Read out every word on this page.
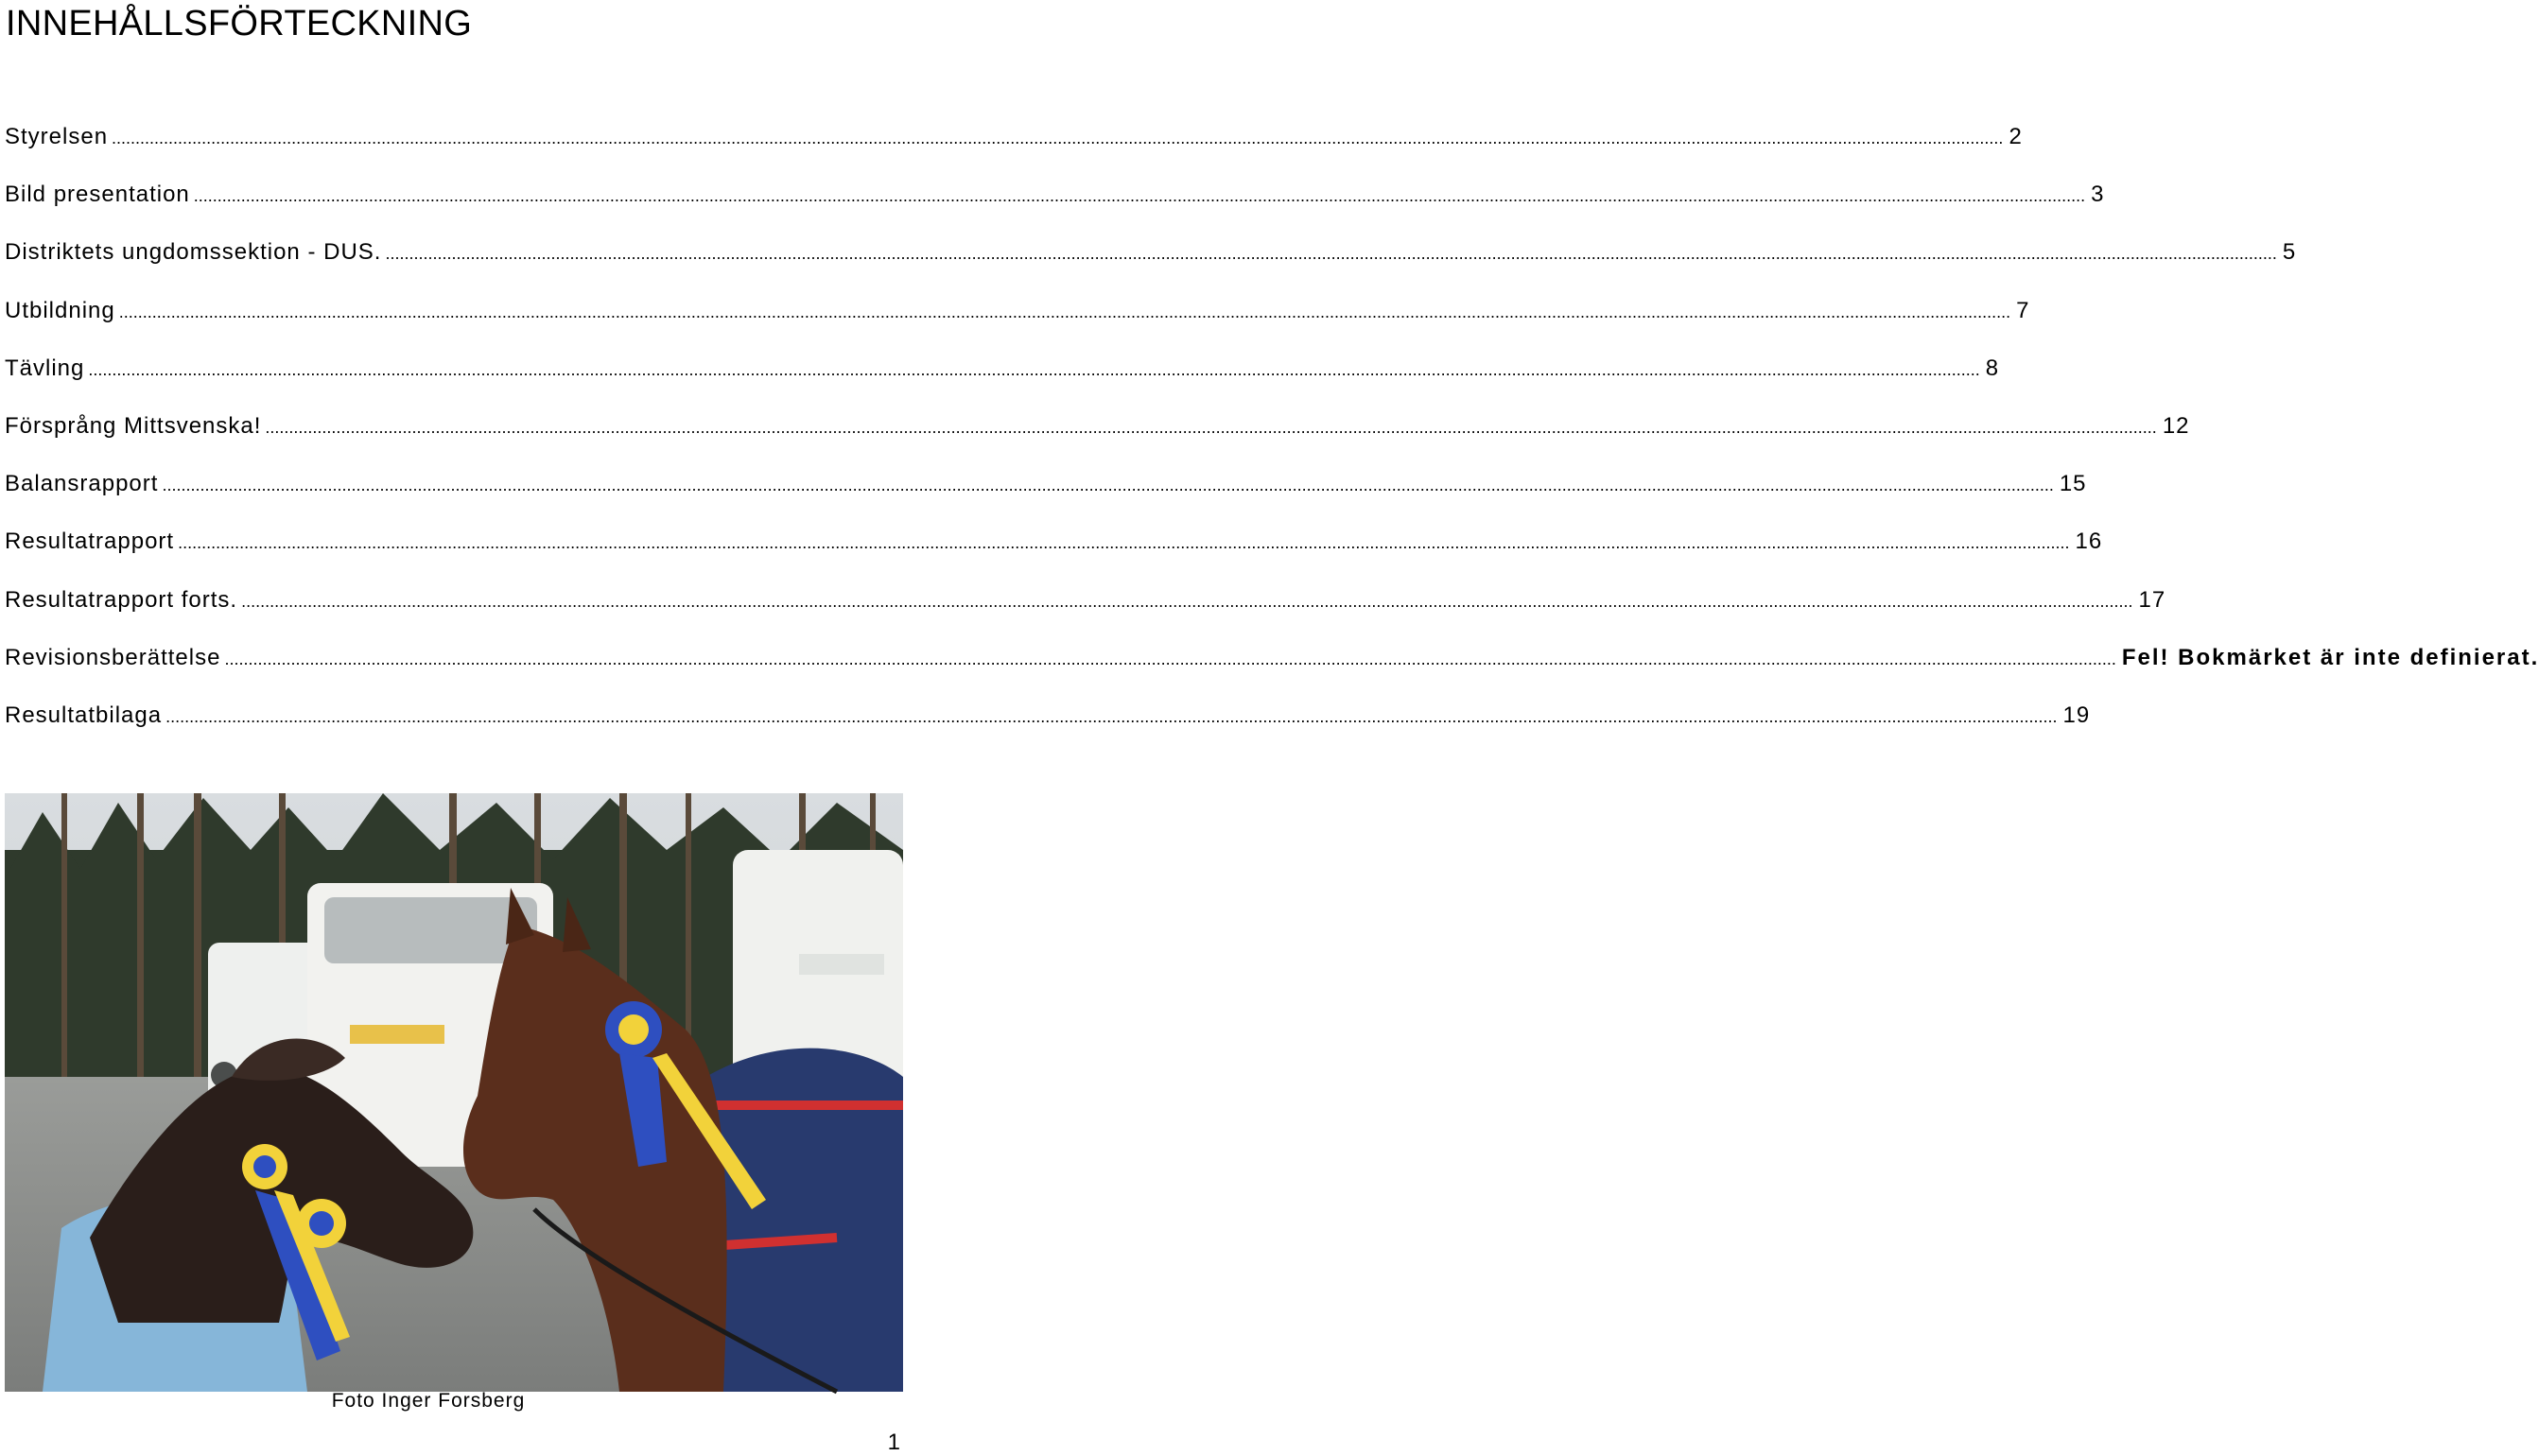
INNEHÅLLSFÖRTECKNING
Styrelsen ................................................................................................................................................................................................................................................................................................................................................................................................................ 2
Bild presentation ................................................................................................................................................................................................................................................................................................................................................................................................................ 3
Distriktets ungdomssektion - DUS. ................................................................................................................................................................................................................................................................................................................................................................................................................ 5
Utbildning ................................................................................................................................................................................................................................................................................................................................................................................................................ 7
Tävling ................................................................................................................................................................................................................................................................................................................................................................................................................ 8
Försprång Mittsvenska! ................................................................................................................................................................................................................................................................................................................................................................................................................ 12
Balansrapport ................................................................................................................................................................................................................................................................................................................................................................................................................ 15
Resultatrapport ................................................................................................................................................................................................................................................................................................................................................................................................................ 16
Resultatrapport forts. ................................................................................................................................................................................................................................................................................................................................................................................................................ 17
Revisionsberättelse ................................................................................................................................................................................................................................................................................................................................................................................................................ Fel! Bokmärket är inte definierat.
Resultatbilaga ................................................................................................................................................................................................................................................................................................................................................................................................................ 19
Foto Inger Forsberg
1
